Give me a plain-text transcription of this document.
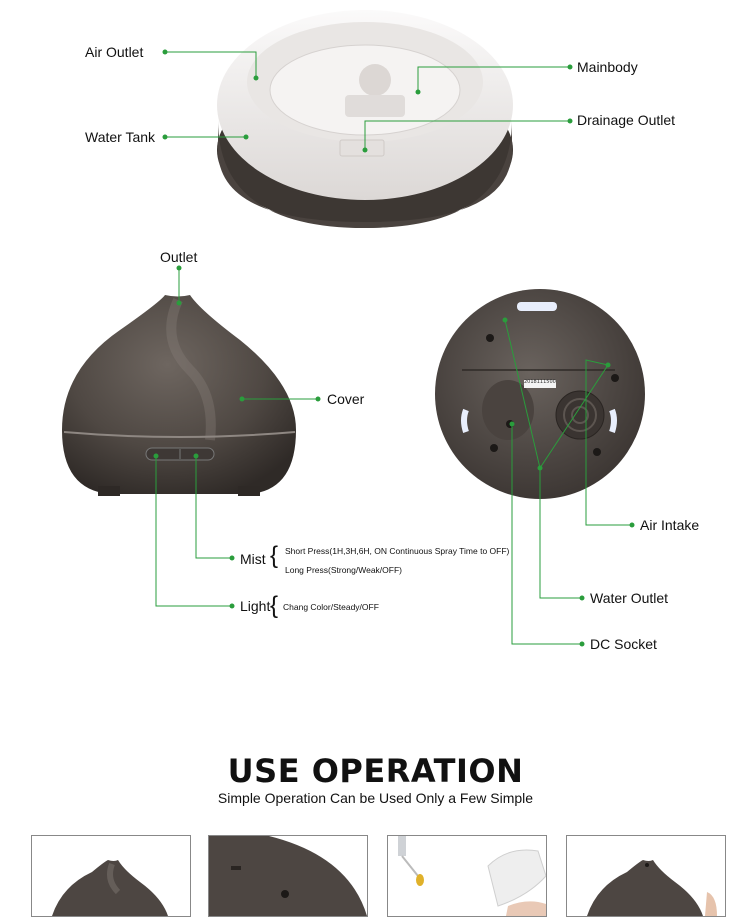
Air Outlet
Water Tank
Mainbody
Drainage Outlet
Outlet
Cover
Mist { Short Press(1H,3H,6H, ON Continuous Spray Time to OFF)
Long Press(Strong/Weak/OFF)
Light { Chang Color/Steady/OFF
Air Intake
Water Outlet
DC Socket
2018111500
USE OPERATION
Simple Operation Can be Used Only a Few Simple
